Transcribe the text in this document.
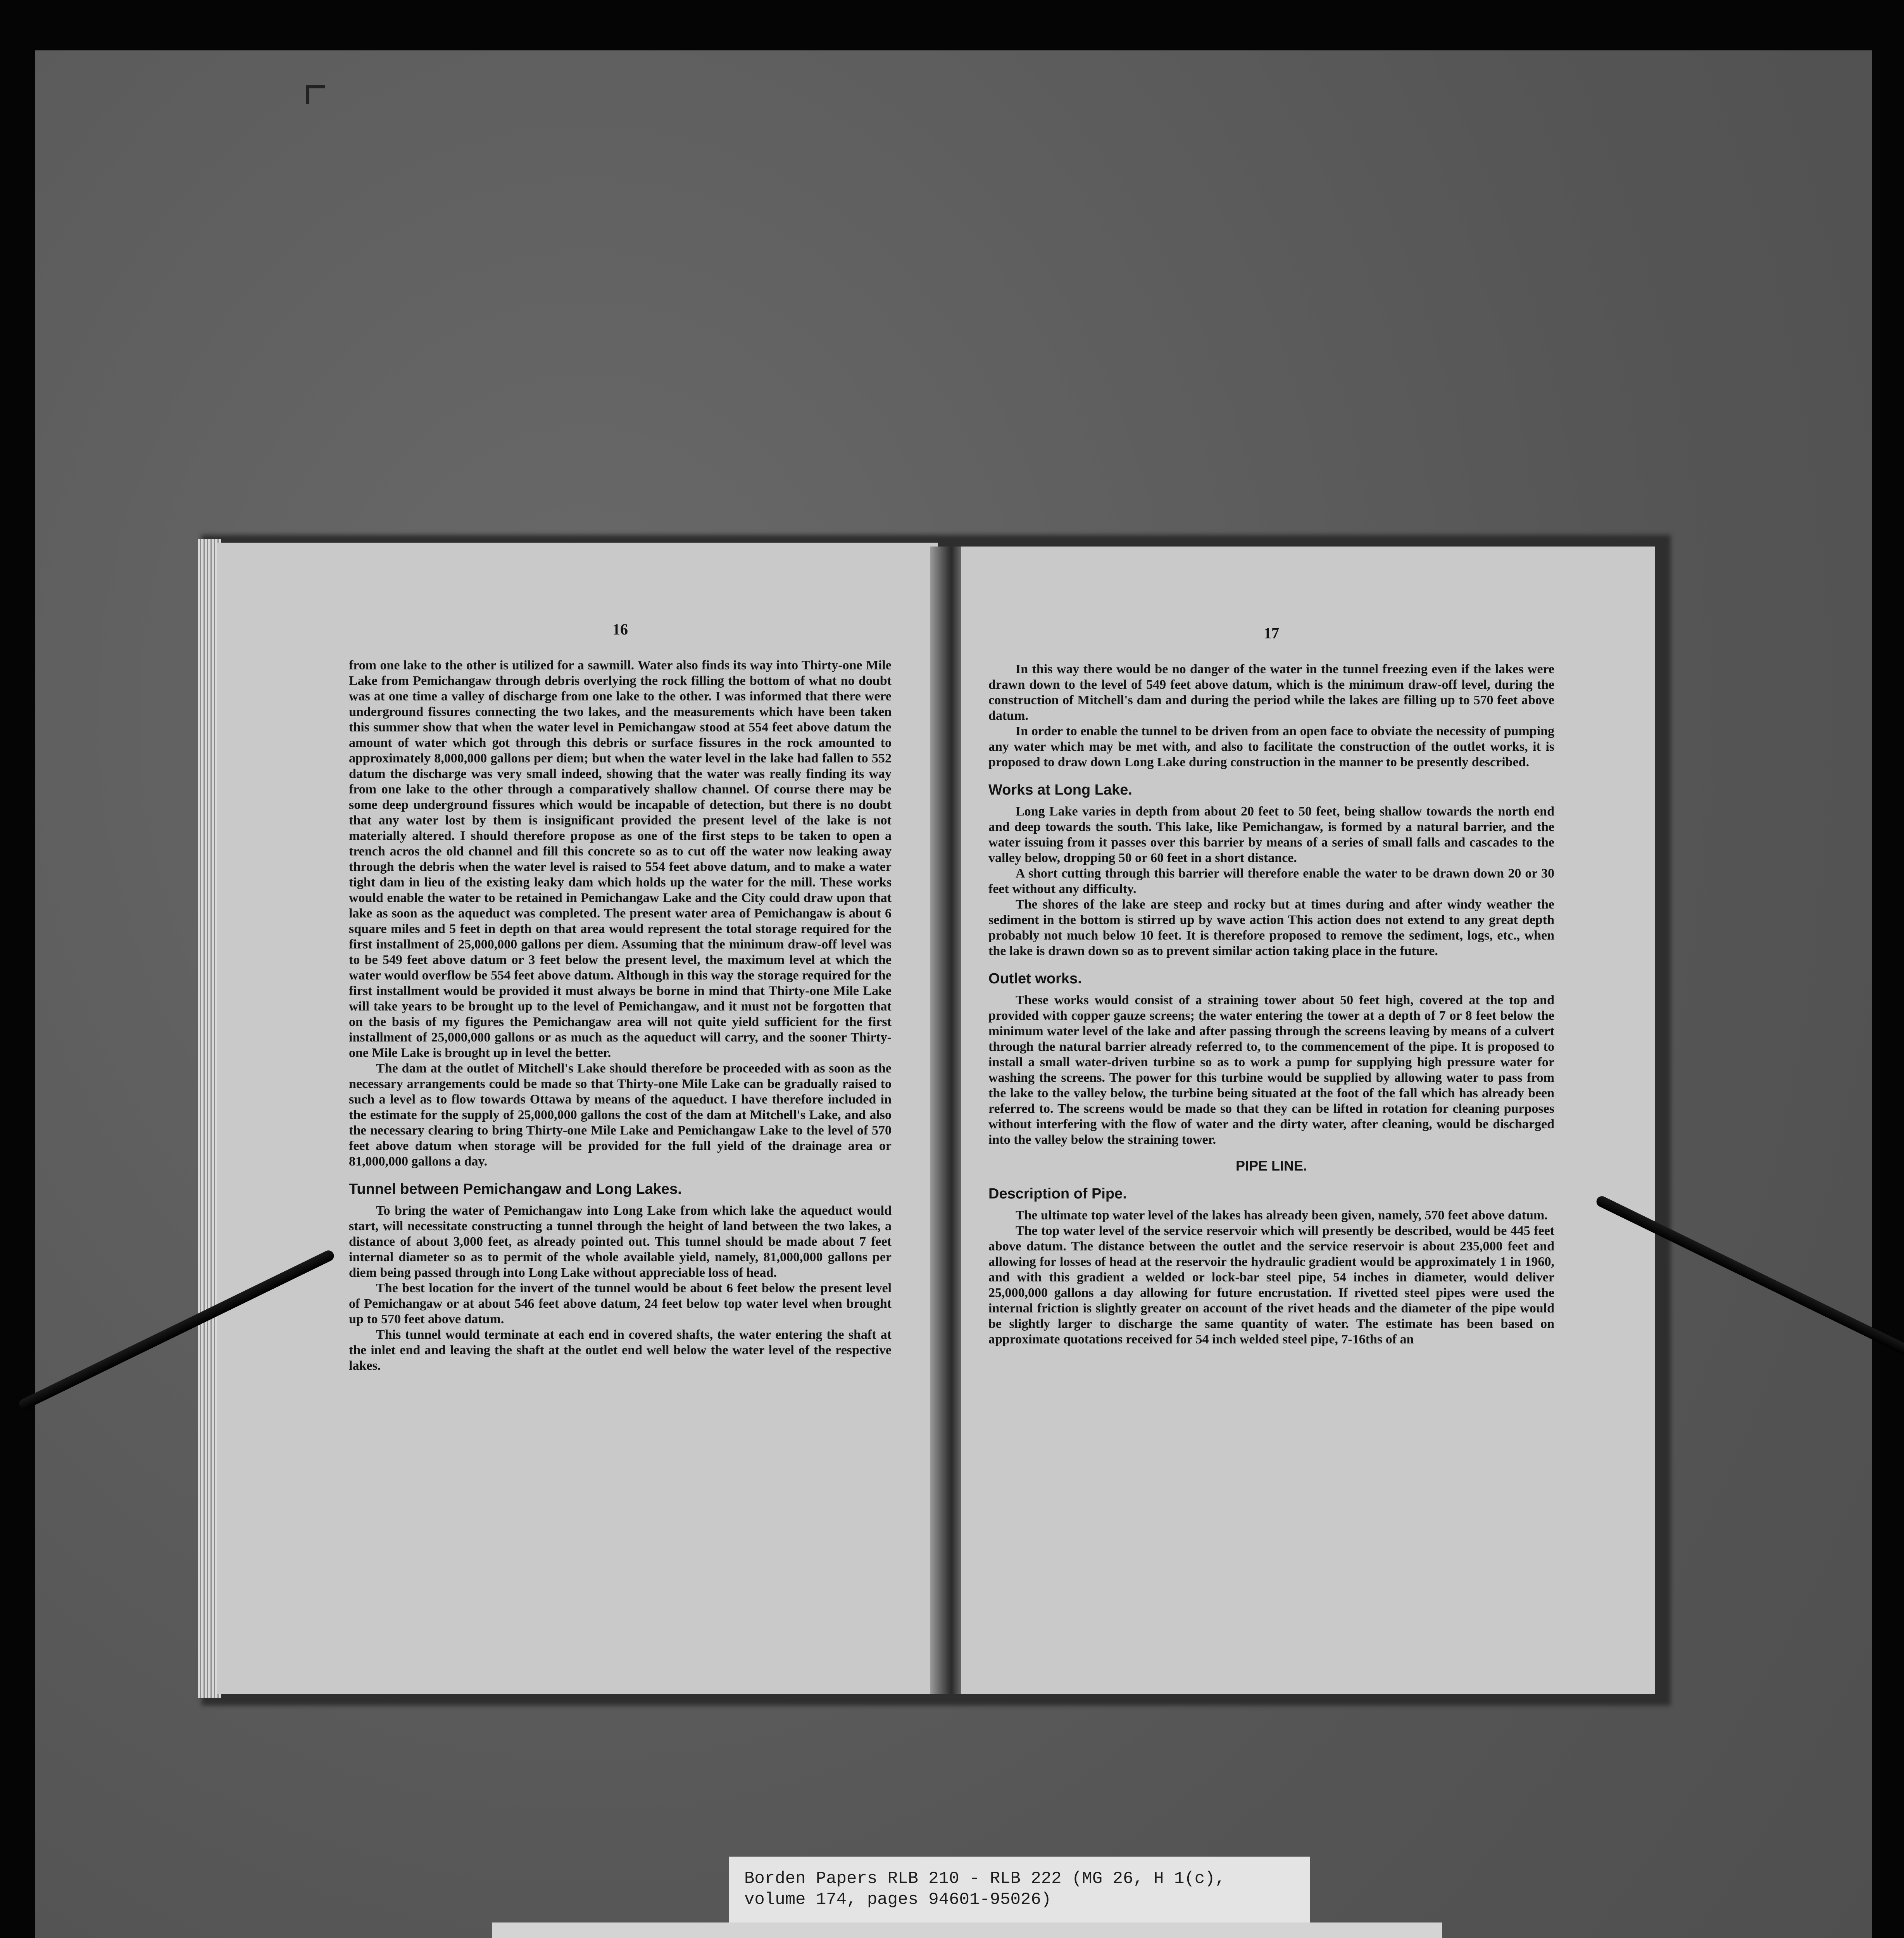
16

from one lake to the other is utilized for a sawmill. Water also finds its way into Thirty-one Mile Lake from Pemichangaw through debris overlying the rock filling the bottom of what no doubt was at one time a valley of discharge from one lake to the other. I was informed that there were underground fissures connecting the two lakes, and the measurements which have been taken this summer show that when the water level in Pemichangaw stood at 554 feet above datum the amount of water which got through this debris or surface fissures in the rock amounted to approximately 8,000,000 gallons per diem; but when the water level in the lake had fallen to 552 datum the discharge was very small indeed, showing that the water was really finding its way from one lake to the other through a comparatively shallow channel. Of course there may be some deep underground fissures which would be incapable of detection, but there is no doubt that any water lost by them is insignificant provided the present level of the lake is not materially altered. I should therefore propose as one of the first steps to be taken to open a trench acros the old channel and fill this concrete so as to cut off the water now leaking away through the debris when the water level is raised to 554 feet above datum, and to make a water tight dam in lieu of the existing leaky dam which holds up the water for the mill. These works would enable the water to be retained in Pemichangaw Lake and the City could draw upon that lake as soon as the aqueduct was completed. The present water area of Pemichangaw is about 6 square miles and 5 feet in depth on that area would represent the total storage required for the first installment of 25,000,000 gallons per diem. Assuming that the minimum draw-off level was to be 549 feet above datum or 3 feet below the present level, the maximum level at which the water would overflow be 554 feet above datum. Although in this way the storage required for the first installment would be provided it must always be borne in mind that Thirty-one Mile Lake will take years to be brought up to the level of Pemichangaw, and it must not be forgotten that on the basis of my figures the Pemichangaw area will not quite yield sufficient for the first installment of 25,000,000 gallons or as much as the aqueduct will carry, and the sooner Thirty-one Mile Lake is brought up in level the better.

The dam at the outlet of Mitchell's Lake should therefore be proceeded with as soon as the necessary arrangements could be made so that Thirty-one Mile Lake can be gradually raised to such a level as to flow towards Ottawa by means of the aqueduct. I have therefore included in the estimate for the supply of 25,000,000 gallons the cost of the dam at Mitchell's Lake, and also the necessary clearing to bring Thirty-one Mile Lake and Pemichangaw Lake to the level of 570 feet above datum when storage will be provided for the full yield of the drainage area or 81,000,000 gallons a day.

Tunnel between Pemichangaw and Long Lakes.

To bring the water of Pemichangaw into Long Lake from which lake the aqueduct would start, will necessitate constructing a tunnel through the height of land between the two lakes, a distance of about 3,000 feet, as already pointed out. This tunnel should be made about 7 feet internal diameter so as to permit of the whole available yield, namely, 81,000,000 gallons per diem being passed through into Long Lake without appreciable loss of head.

The best location for the invert of the tunnel would be about 6 feet below the present level of Pemichangaw or at about 546 feet above datum, 24 feet below top water level when brought up to 570 feet above datum.

This tunnel would terminate at each end in covered shafts, the water entering the shaft at the inlet end and leaving the shaft at the outlet end well below the water level of the respective lakes.

17

In this way there would be no danger of the water in the tunnel freezing even if the lakes were drawn down to the level of 549 feet above datum, which is the minimum draw-off level, during the construction of Mitchell's dam and during the period while the lakes are filling up to 570 feet above datum.

In order to enable the tunnel to be driven from an open face to obviate the necessity of pumping any water which may be met with, and also to facilitate the construction of the outlet works, it is proposed to draw down Long Lake during construction in the manner to be presently described.

Works at Long Lake.

Long Lake varies in depth from about 20 feet to 50 feet, being shallow towards the north end and deep towards the south. This lake, like Pemichangaw, is formed by a natural barrier, and the water issuing from it passes over this barrier by means of a series of small falls and cascades to the valley below, dropping 50 or 60 feet in a short distance.

A short cutting through this barrier will therefore enable the water to be drawn down 20 or 30 feet without any difficulty.

The shores of the lake are steep and rocky but at times during and after windy weather the sediment in the bottom is stirred up by wave action This action does not extend to any great depth probably not much below 10 feet. It is therefore proposed to remove the sediment, logs, etc., when the lake is drawn down so as to prevent similar action taking place in the future.

Outlet works.

These works would consist of a straining tower about 50 feet high, covered at the top and provided with copper gauze screens; the water entering the tower at a depth of 7 or 8 feet below the minimum water level of the lake and after passing through the screens leaving by means of a culvert through the natural barrier already referred to, to the commencement of the pipe. It is proposed to install a small water-driven turbine so as to work a pump for supplying high pressure water for washing the screens. The power for this turbine would be supplied by allowing water to pass from the lake to the valley below, the turbine being situated at the foot of the fall which has already been referred to. The screens would be made so that they can be lifted in rotation for cleaning purposes without interfering with the flow of water and the dirty water, after cleaning, would be discharged into the valley below the straining tower.

PIPE LINE.
Description of Pipe.

The ultimate top water level of the lakes has already been given, namely, 570 feet above datum.

The top water level of the service reservoir which will presently be described, would be 445 feet above datum. The distance between the outlet and the service reservoir is about 235,000 feet and allowing for losses of head at the reservoir the hydraulic gradient would be approximately 1 in 1960, and with this gradient a welded or lock-bar steel pipe, 54 inches in diameter, would deliver 25,000,000 gallons a day allowing for future encrustation. If rivetted steel pipes were used the internal friction is slightly greater on account of the rivet heads and the diameter of the pipe would be slightly larger to discharge the same quantity of water. The estimate has been based on approximate quotations received for 54 inch welded steel pipe, 7-16ths of an

Borden Papers RLB 210 - RLB 222 (MG 26, H 1(c),
volume 174, pages 94601-95026)
